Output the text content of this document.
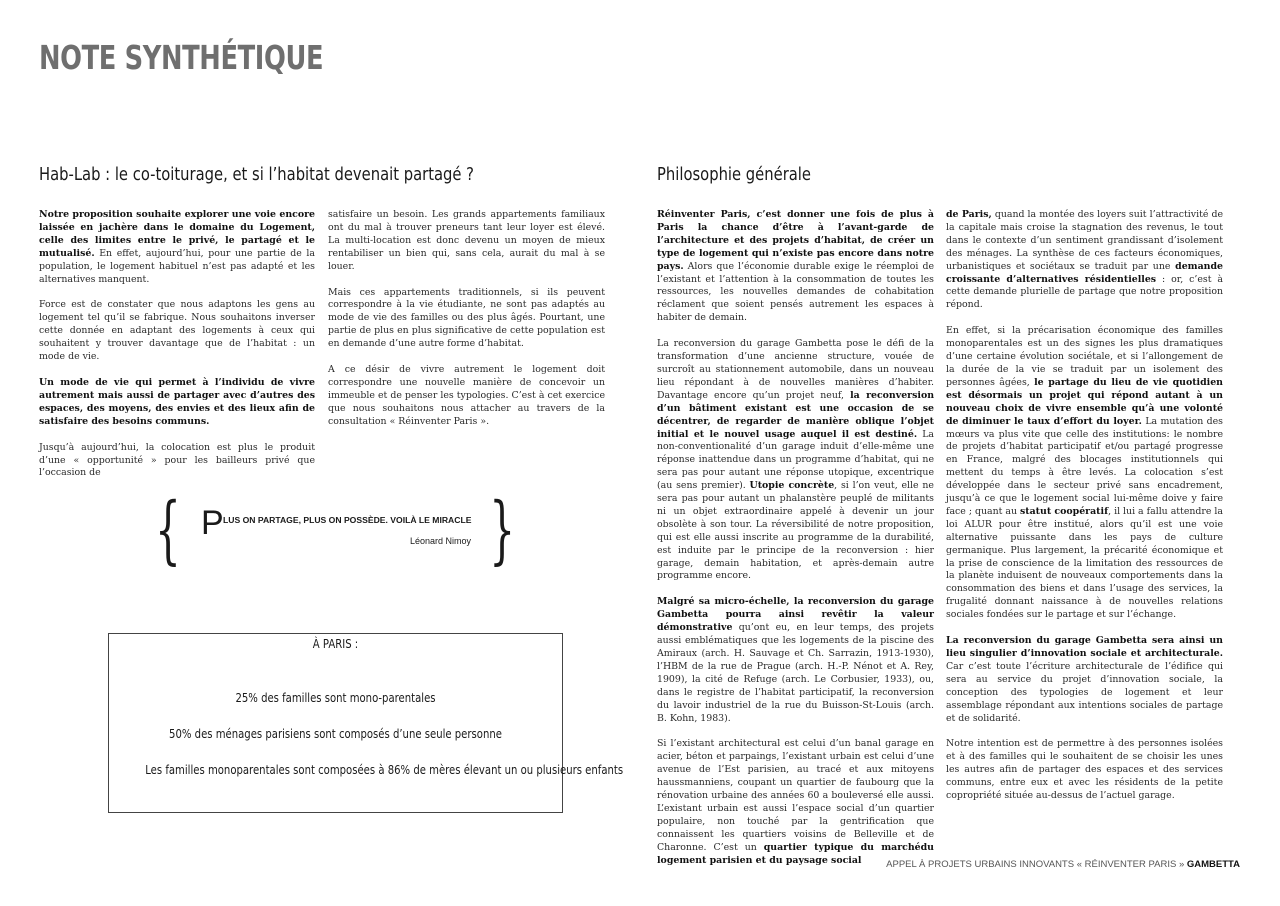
NOTE SYNTHÉTIQUE
Hab-Lab : le co-toiturage, et si l’habitat devenait partagé ?

Notre proposition souhaite explorer une voie encore laissée en jachère dans le domaine du Logement, celle des limites entre le privé, le partagé et le mutualisé. En effet, aujourd’hui, pour une partie de la population, le logement habituel n’est pas adapté et les alternatives manquent.

Force est de constater que nous adaptons les gens au logement tel qu’il se fabrique. Nous souhaitons inverser cette donnée en adaptant des logements à ceux qui souhaitent y trouver davantage que de l’habitat : un mode de vie.

Un mode de vie qui permet à l’individu de vivre autrement mais aussi de partager avec d’autres des espaces, des moyens, des envies et des lieux afin de satisfaire des besoins communs.

Jusqu’à aujourd’hui, la colocation est plus le produit d’une « opportunité » pour les bailleurs privé que l’occasion de

satisfaire un besoin. Les grands appartements familiaux ont du mal à trouver preneurs tant leur loyer est élevé. La multi-location est donc devenu un moyen de mieux rentabiliser un bien qui, sans cela, aurait du mal à se louer.

Mais ces appartements traditionnels, si ils peuvent correspondre à la vie étudiante, ne sont pas adaptés au mode de vie des familles ou des plus âgés. Pourtant, une partie de plus en plus significative de cette population est en demande d’une autre forme d’habitat.

A ce désir de vivre autrement le logement doit correspondre une nouvelle manière de concevoir un immeuble et de penser les typologies. C’est à cet exercice que nous souhaitons nous attacher au travers de la consultation « Réinventer Paris ».

{ P LUS ON PARTAGE, PLUS ON POSSÈDE. VOILÀ LE MIRACLE
Léonard Nimoy }
À PARIS :
25% des familles sont mono-parentales
50% des ménages parisiens sont composés d’une seule personne
Les familles monoparentales sont composées à 86% de mères élevant un ou plusieurs enfants
Philosophie générale

Réinventer Paris, c’est donner une fois de plus à Paris la chance d’être à l’avant-garde de l’architecture et des projets d’habitat, de créer un type de logement qui n’existe pas encore dans notre pays. Alors que l’économie durable exige le réemploi de l’existant et l’attention à la consommation de toutes les ressources, les nouvelles demandes de cohabitation réclament que soient pensés autrement les espaces à habiter de demain.

La reconversion du garage Gambetta pose le défi de la transformation d’une ancienne structure, vouée de surcroît au stationnement automobile, dans un nouveau lieu répondant à de nouvelles manières d’habiter. Davantage encore qu’un projet neuf, la reconversion d’un bâtiment existant est une occasion de se décentrer, de regarder de manière oblique l’objet initial et le nouvel usage auquel il est destiné. La non-conventionalité d’un garage induit d’elle-même une réponse inattendue dans un programme d’habitat, qui ne sera pas pour autant une réponse utopique, excentrique (au sens premier). Utopie concrète, si l’on veut, elle ne sera pas pour autant un phalanstère peuplé de militants ni un objet extraordinaire appelé à devenir un jour obsolète à son tour. La réversibilité de notre proposition, qui est elle aussi inscrite au programme de la durabilité, est induite par le principe de la reconversion : hier garage, demain habitation, et après-demain autre programme encore.

Malgré sa micro-échelle, la reconversion du garage Gambetta pourra ainsi revêtir la valeur démonstrative qu’ont eu, en leur temps, des projets aussi emblématiques que les logements de la piscine des Amiraux (arch. H. Sauvage et Ch. Sarrazin, 1913-1930), l’HBM de la rue de Prague (arch. H.-P. Nénot et A. Rey, 1909), la cité de Refuge (arch. Le Corbusier, 1933), ou, dans le registre de l’habitat participatif, la reconversion du lavoir industriel de la rue du Buisson-St-Louis (arch. B. Kohn, 1983).

Si l’existant architectural est celui d’un banal garage en acier, béton et parpaings, l’existant urbain est celui d’une avenue de l’Est parisien, au tracé et aux mitoyens haussmanniens, coupant un quartier de faubourg que la rénovation urbaine des années 60 a bouleversé elle aussi. L’existant urbain est aussi l’espace social d’un quartier populaire, non touché par la gentrification que connaissent les quartiers voisins de Belleville et de Charonne. C’est un quartier typique du marchédu logement parisien et du paysage social

de Paris, quand la montée des loyers suit l’attractivité de la capitale mais croise la stagnation des revenus, le tout dans le contexte d’un sentiment grandissant d’isolement des ménages. La synthèse de ces facteurs économiques, urbanistiques et sociétaux se traduit par une demande croissante d’alternatives résidentielles : or, c’est à cette demande plurielle de partage que notre proposition répond.

En effet, si la précarisation économique des familles monoparentales est un des signes les plus dramatiques d’une certaine évolution sociétale, et si l’allongement de la durée de la vie se traduit par un isolement des personnes âgées, le partage du lieu de vie quotidien est désormais un projet qui répond autant à un nouveau choix de vivre ensemble qu’à une volonté de diminuer le taux d’effort du loyer. La mutation des mœurs va plus vite que celle des institutions: le nombre de projets d’habitat participatif et/ou partagé progresse en France, malgré des blocages institutionnels qui mettent du temps à être levés. La colocation s’est développée dans le secteur privé sans encadrement, jusqu’à ce que le logement social lui-même doive y faire face ; quant au statut coopératif, il lui a fallu attendre la loi ALUR pour être institué, alors qu’il est une voie alternative puissante dans les pays de culture germanique. Plus largement, la précarité économique et la prise de conscience de la limitation des ressources de la planète induisent de nouveaux comportements dans la consommation des biens et dans l’usage des services, la frugalité donnant naissance à de nouvelles relations sociales fondées sur le partage et sur l’échange.

La reconversion du garage Gambetta sera ainsi un lieu singulier d’innovation sociale et architecturale. Car c’est toute l’écriture architecturale de l’édifice qui sera au service du projet d’innovation sociale, la conception des typologies de logement et leur assemblage répondant aux intentions sociales de partage et de solidarité.

Notre intention est de permettre à des personnes isolées et à des familles qui le souhaitent de se choisir les unes les autres afin de partager des espaces et des services communs, entre eux et avec les résidents de la petite copropriété située au-dessus de l’actuel garage.

APPEL À PROJETS URBAINS INNOVANTS « RÉINVENTER PARIS » GAMBETTA
